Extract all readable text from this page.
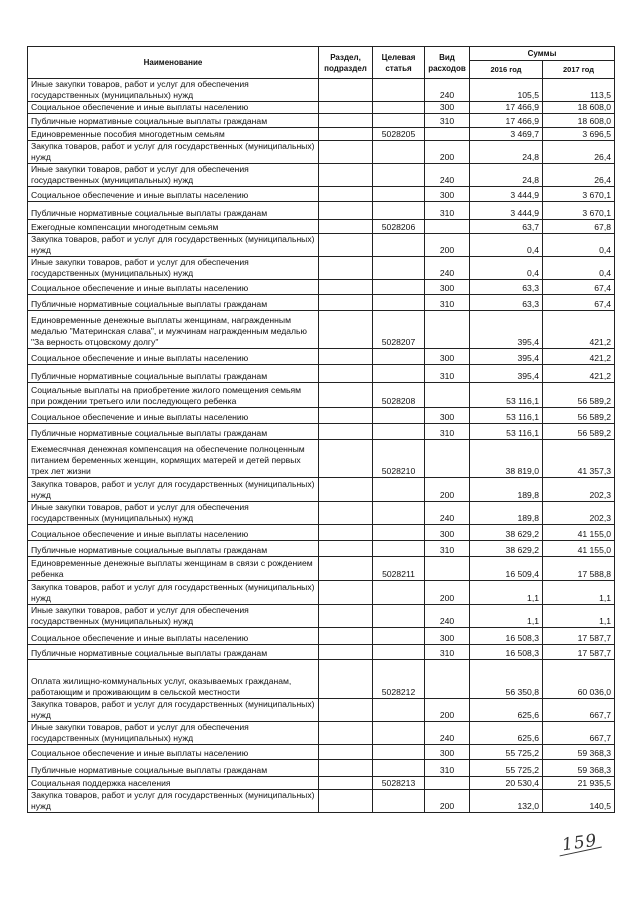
Наименование	Раздел, подраздел	Целевая статья	Вид расходов	Суммы	
				2016 год	2017 год
Иные закупки товаров, работ и услуг для обеспечения государственных (муниципальных) нужд			240	105,5	113,5
Социальное обеспечение и иные выплаты населению			300	17 466,9	18 608,0
Публичные нормативные социальные выплаты гражданам			310	17 466,9	18 608,0
Единовременные пособия многодетным семьям		5028205		3 469,7	3 696,5
Закупка товаров, работ и услуг для государственных (муниципальных) нужд			200	24,8	26,4
Иные закупки товаров, работ и услуг для обеспечения государственных (муниципальных) нужд			240	24,8	26,4
Социальное обеспечение и иные выплаты населению			300	3 444,9	3 670,1
Публичные нормативные социальные выплаты гражданам			310	3 444,9	3 670,1
Ежегодные компенсации многодетным семьям		5028206		63,7	67,8
Закупка товаров, работ и услуг для государственных (муниципальных) нужд			200	0,4	0,4
Иные закупки товаров, работ и услуг для обеспечения государственных (муниципальных) нужд			240	0,4	0,4
Социальное обеспечение и иные выплаты населению			300	63,3	67,4
Публичные нормативные социальные выплаты гражданам			310	63,3	67,4
Единовременные денежные выплаты женщинам, награжденным медалью "Материнская слава", и мужчинам награжденным медалью "За верность отцовскому долгу"		5028207		395,4	421,2
Социальное обеспечение и иные выплаты населению			300	395,4	421,2
Публичные нормативные социальные выплаты гражданам			310	395,4	421,2
Социальные выплаты на приобретение жилого помещения семьям при рождении третьего или последующего ребенка		5028208		53 116,1	56 589,2
Социальное обеспечение и иные выплаты населению			300	53 116,1	56 589,2
Публичные нормативные социальные выплаты гражданам			310	53 116,1	56 589,2
Ежемесячная денежная компенсация на обеспечение полноценным питанием беременных женщин, кормящих матерей и детей первых трех лет жизни		5028210		38 819,0	41 357,3
Закупка товаров, работ и услуг для государственных (муниципальных) нужд			200	189,8	202,3
Иные закупки товаров, работ и услуг для обеспечения государственных (муниципальных) нужд			240	189,8	202,3
Социальное обеспечение и иные выплаты населению			300	38 629,2	41 155,0
Публичные нормативные социальные выплаты гражданам			310	38 629,2	41 155,0
Единовременные денежные выплаты женщинам в связи с рождением ребенка		5028211		16 509,4	17 588,8
Закупка товаров, работ и услуг для государственных (муниципальных) нужд			200	1,1	1,1
Иные закупки товаров, работ и услуг для обеспечения государственных (муниципальных) нужд			240	1,1	1,1
Социальное обеспечение и иные выплаты населению			300	16 508,3	17 587,7
Публичные нормативные социальные выплаты гражданам			310	16 508,3	17 587,7
Оплата жилищно-коммунальных услуг, оказываемых гражданам, работающим и проживающим в сельской местности		5028212		56 350,8	60 036,0
Закупка товаров, работ и услуг для государственных (муниципальных) нужд			200	625,6	667,7
Иные закупки товаров, работ и услуг для обеспечения государственных (муниципальных) нужд			240	625,6	667,7
Социальное обеспечение и иные выплаты населению			300	55 725,2	59 368,3
Публичные нормативные социальные выплаты гражданам			310	55 725,2	59 368,3
Социальная поддержка населения		5028213		20 530,4	21 935,5
Закупка товаров, работ и услуг для государственных (муниципальных) нужд			200	132,0	140,5
159
